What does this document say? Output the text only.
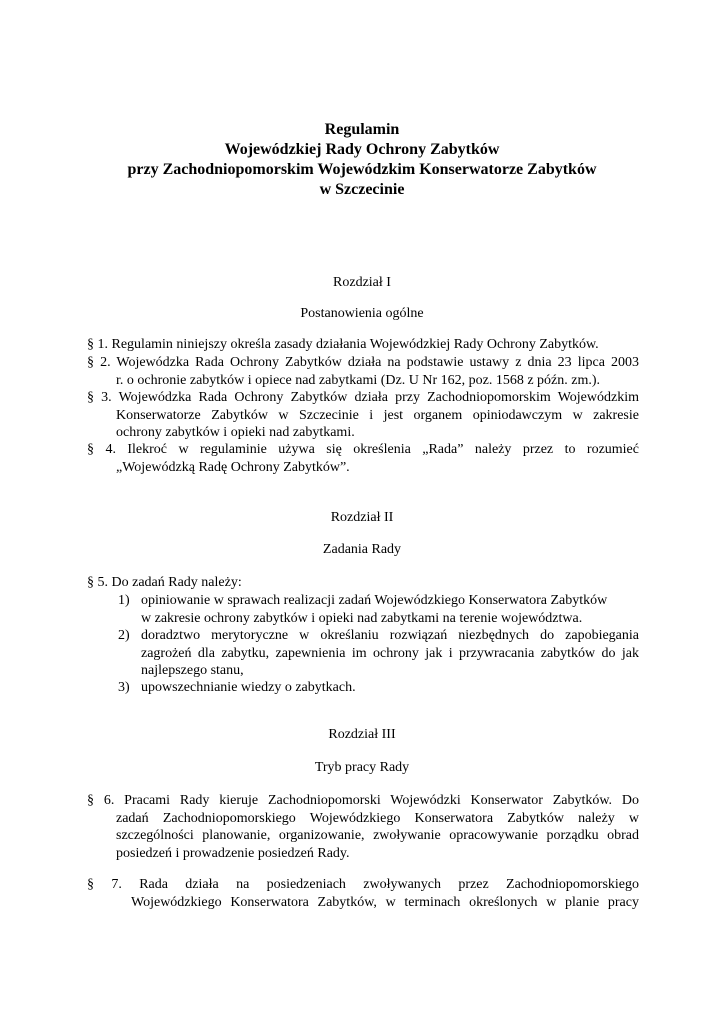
Regulamin
Wojewódzkiej Rady Ochrony Zabytków
przy Zachodniopomorskim Wojewódzkim Konserwatorze Zabytków
w Szczecinie
Rozdział I
Postanowienia ogólne
§ 1. Regulamin niniejszy określa zasady działania Wojewódzkiej Rady Ochrony Zabytków.
§ 2. Wojewódzka Rada Ochrony Zabytków działa na podstawie ustawy z dnia 23 lipca 2003
r. o ochronie zabytków i opiece nad zabytkami (Dz. U Nr 162, poz. 1568 z późn. zm.).
§ 3. Wojewódzka Rada Ochrony Zabytków działa przy Zachodniopomorskim Wojewódzkim
Konserwatorze Zabytków w Szczecinie i jest organem opiniodawczym w zakresie
ochrony zabytków i opieki nad zabytkami.
§ 4. Ilekroć w regulaminie używa się określenia „Rada” należy przez to rozumieć
„Wojewódzką Radę Ochrony Zabytków”.
Rozdział II
Zadania Rady
§ 5. Do zadań Rady należy:
1) opiniowanie w sprawach realizacji zadań Wojewódzkiego Konserwatora Zabytków
w zakresie ochrony zabytków i opieki nad zabytkami na terenie województwa.
2) doradztwo merytoryczne w określaniu rozwiązań niezbędnych do zapobiegania
zagrożeń dla zabytku, zapewnienia im ochrony jak i przywracania zabytków do jak
najlepszego stanu,
3) upowszechnianie wiedzy o zabytkach.
Rozdział III
Tryb pracy Rady
§ 6. Pracami Rady kieruje Zachodniopomorski Wojewódzki Konserwator Zabytków. Do
zadań Zachodniopomorskiego Wojewódzkiego Konserwatora Zabytków należy w
szczególności planowanie, organizowanie, zwoływanie opracowywanie porządku obrad
posiedzeń i prowadzenie posiedzeń Rady.
§ 7. Rada działa na posiedzeniach zwoływanych przez Zachodniopomorskiego
Wojewódzkiego Konserwatora Zabytków, w terminach określonych w planie pracy
